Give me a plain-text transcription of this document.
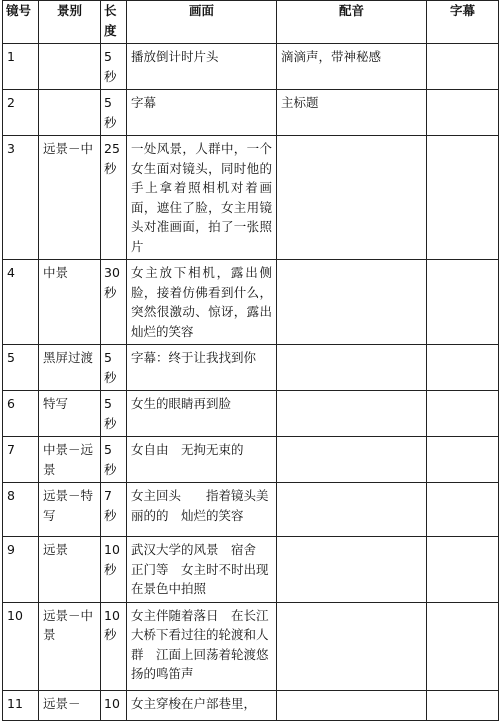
镜号	景别	长度	画面	配音	字幕
1		5秒	播放倒计时片头	滴滴声，带神秘感	
2		5秒	字幕	主标题	
3	远景－中	25秒	一处风景，人群中，一个女生面对镜头，同时他的手上拿着照相机对着画面，遮住了脸，女主用镜头对准画面，拍了一张照片		
4	中景	30秒	女主放下相机，露出侧脸，接着仿佛看到什么，突然很激动、惊讶，露出灿烂的笑容		
5	黑屏过渡	5秒	字幕：终于让我找到你		
6	特写	5秒	女生的眼睛再到脸		
7	中景－远景	5秒	女自由　无拘无束的		
8	远景－特写	7秒	女主回头　　指着镜头美丽的的　灿烂的笑容		
9	远景	10秒	武汉大学的风景　宿舍　正门等　女主时不时出现在景色中拍照		
10	远景－中景	10秒	女主伴随着落日　在长江大桥下看过往的轮渡和人群　江面上回荡着轮渡悠扬的鸣笛声		
11	远景－	10	女主穿梭在户部巷里，		
